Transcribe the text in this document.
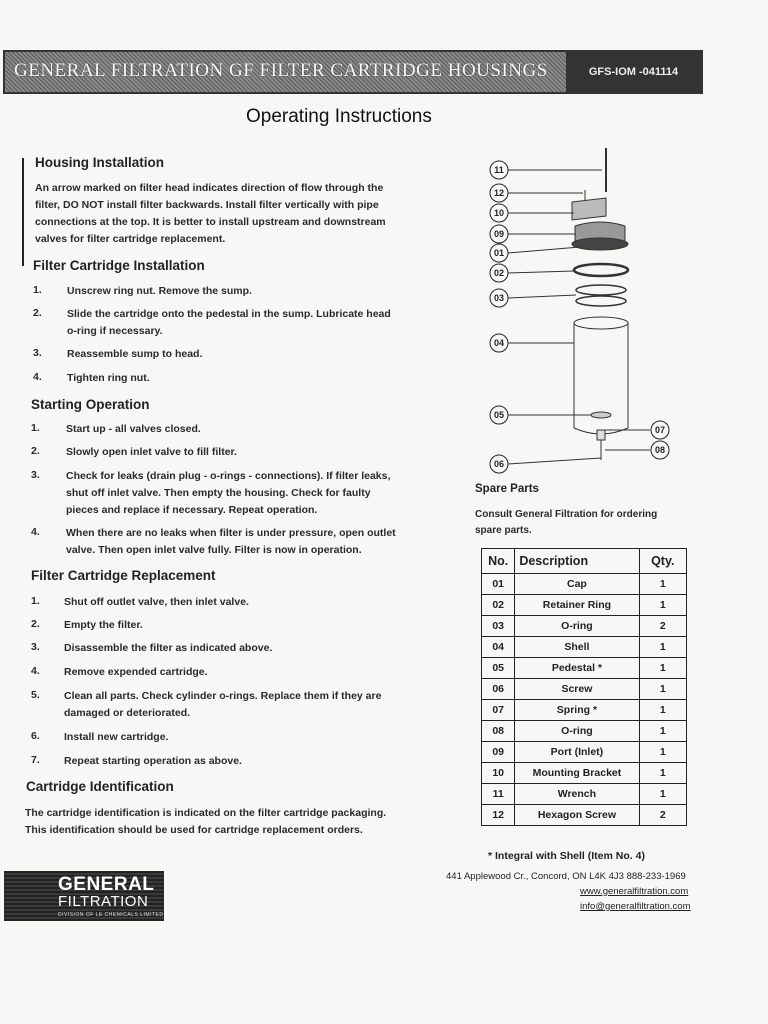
GENERAL FILTRATION GF FILTER CARTRIDGE HOUSINGS	GFS-IOM -041114
Operating Instructions
Housing Installation
An arrow marked on filter head indicates direction of flow through the
filter, DO NOT install filter backwards. Install filter vertically with pipe
connections at the top. It is better to install upstream and downstream
valves for filter cartridge replacement.
Filter Cartridge Installation
1. Unscrew ring nut. Remove the sump.
2. Slide the cartridge onto the pedestal in the sump. Lubricate head
o-ring if necessary.
3. Reassemble sump to head.
4. Tighten ring nut.
Starting Operation
1. Start up - all valves closed.
2. Slowly open inlet valve to fill filter.
3. Check for leaks (drain plug - o-rings - connections). If filter leaks,
shut off inlet valve. Then empty the housing. Check for faulty
pieces and replace if necessary. Repeat operation.
4. When there are no leaks when filter is under pressure, open outlet
valve. Then open inlet valve fully. Filter is now in operation.
Filter Cartridge Replacement
1. Shut off outlet valve, then inlet valve.
2. Empty the filter.
3. Disassemble the filter as indicated above.
4. Remove expended cartridge.
5. Clean all parts. Check cylinder o-rings. Replace them if they are
damaged or deteriorated.
6. Install new cartridge.
7. Repeat starting operation as above.
Cartridge Identification
The cartridge identification is indicated on the filter cartridge packaging.
This identification should be used for cartridge replacement orders.
11
12
10
09
01
02
03
04
05
06
07
08
Spare Parts
Consult General Filtration for ordering
spare parts.
No.	Description	Qty.
01	Cap	1
02	Retainer Ring	1
03	O-ring	2
04	Shell	1
05	Pedestal *	1
06	Screw	1
07	Spring *	1
08	O-ring	1
09	Port (Inlet)	1
10	Mounting Bracket	1
11	Wrench	1
12	Hexagon Screw	2
* Integral with Shell (Item No. 4)
441 Applewood Cr., Concord, ON L4K 4J3 888-233-1969
www.generalfiltration.com
info@generalfiltration.com
GENERAL
FILTRATION
DIVISION OF LE CHEMICALS LIMITED
